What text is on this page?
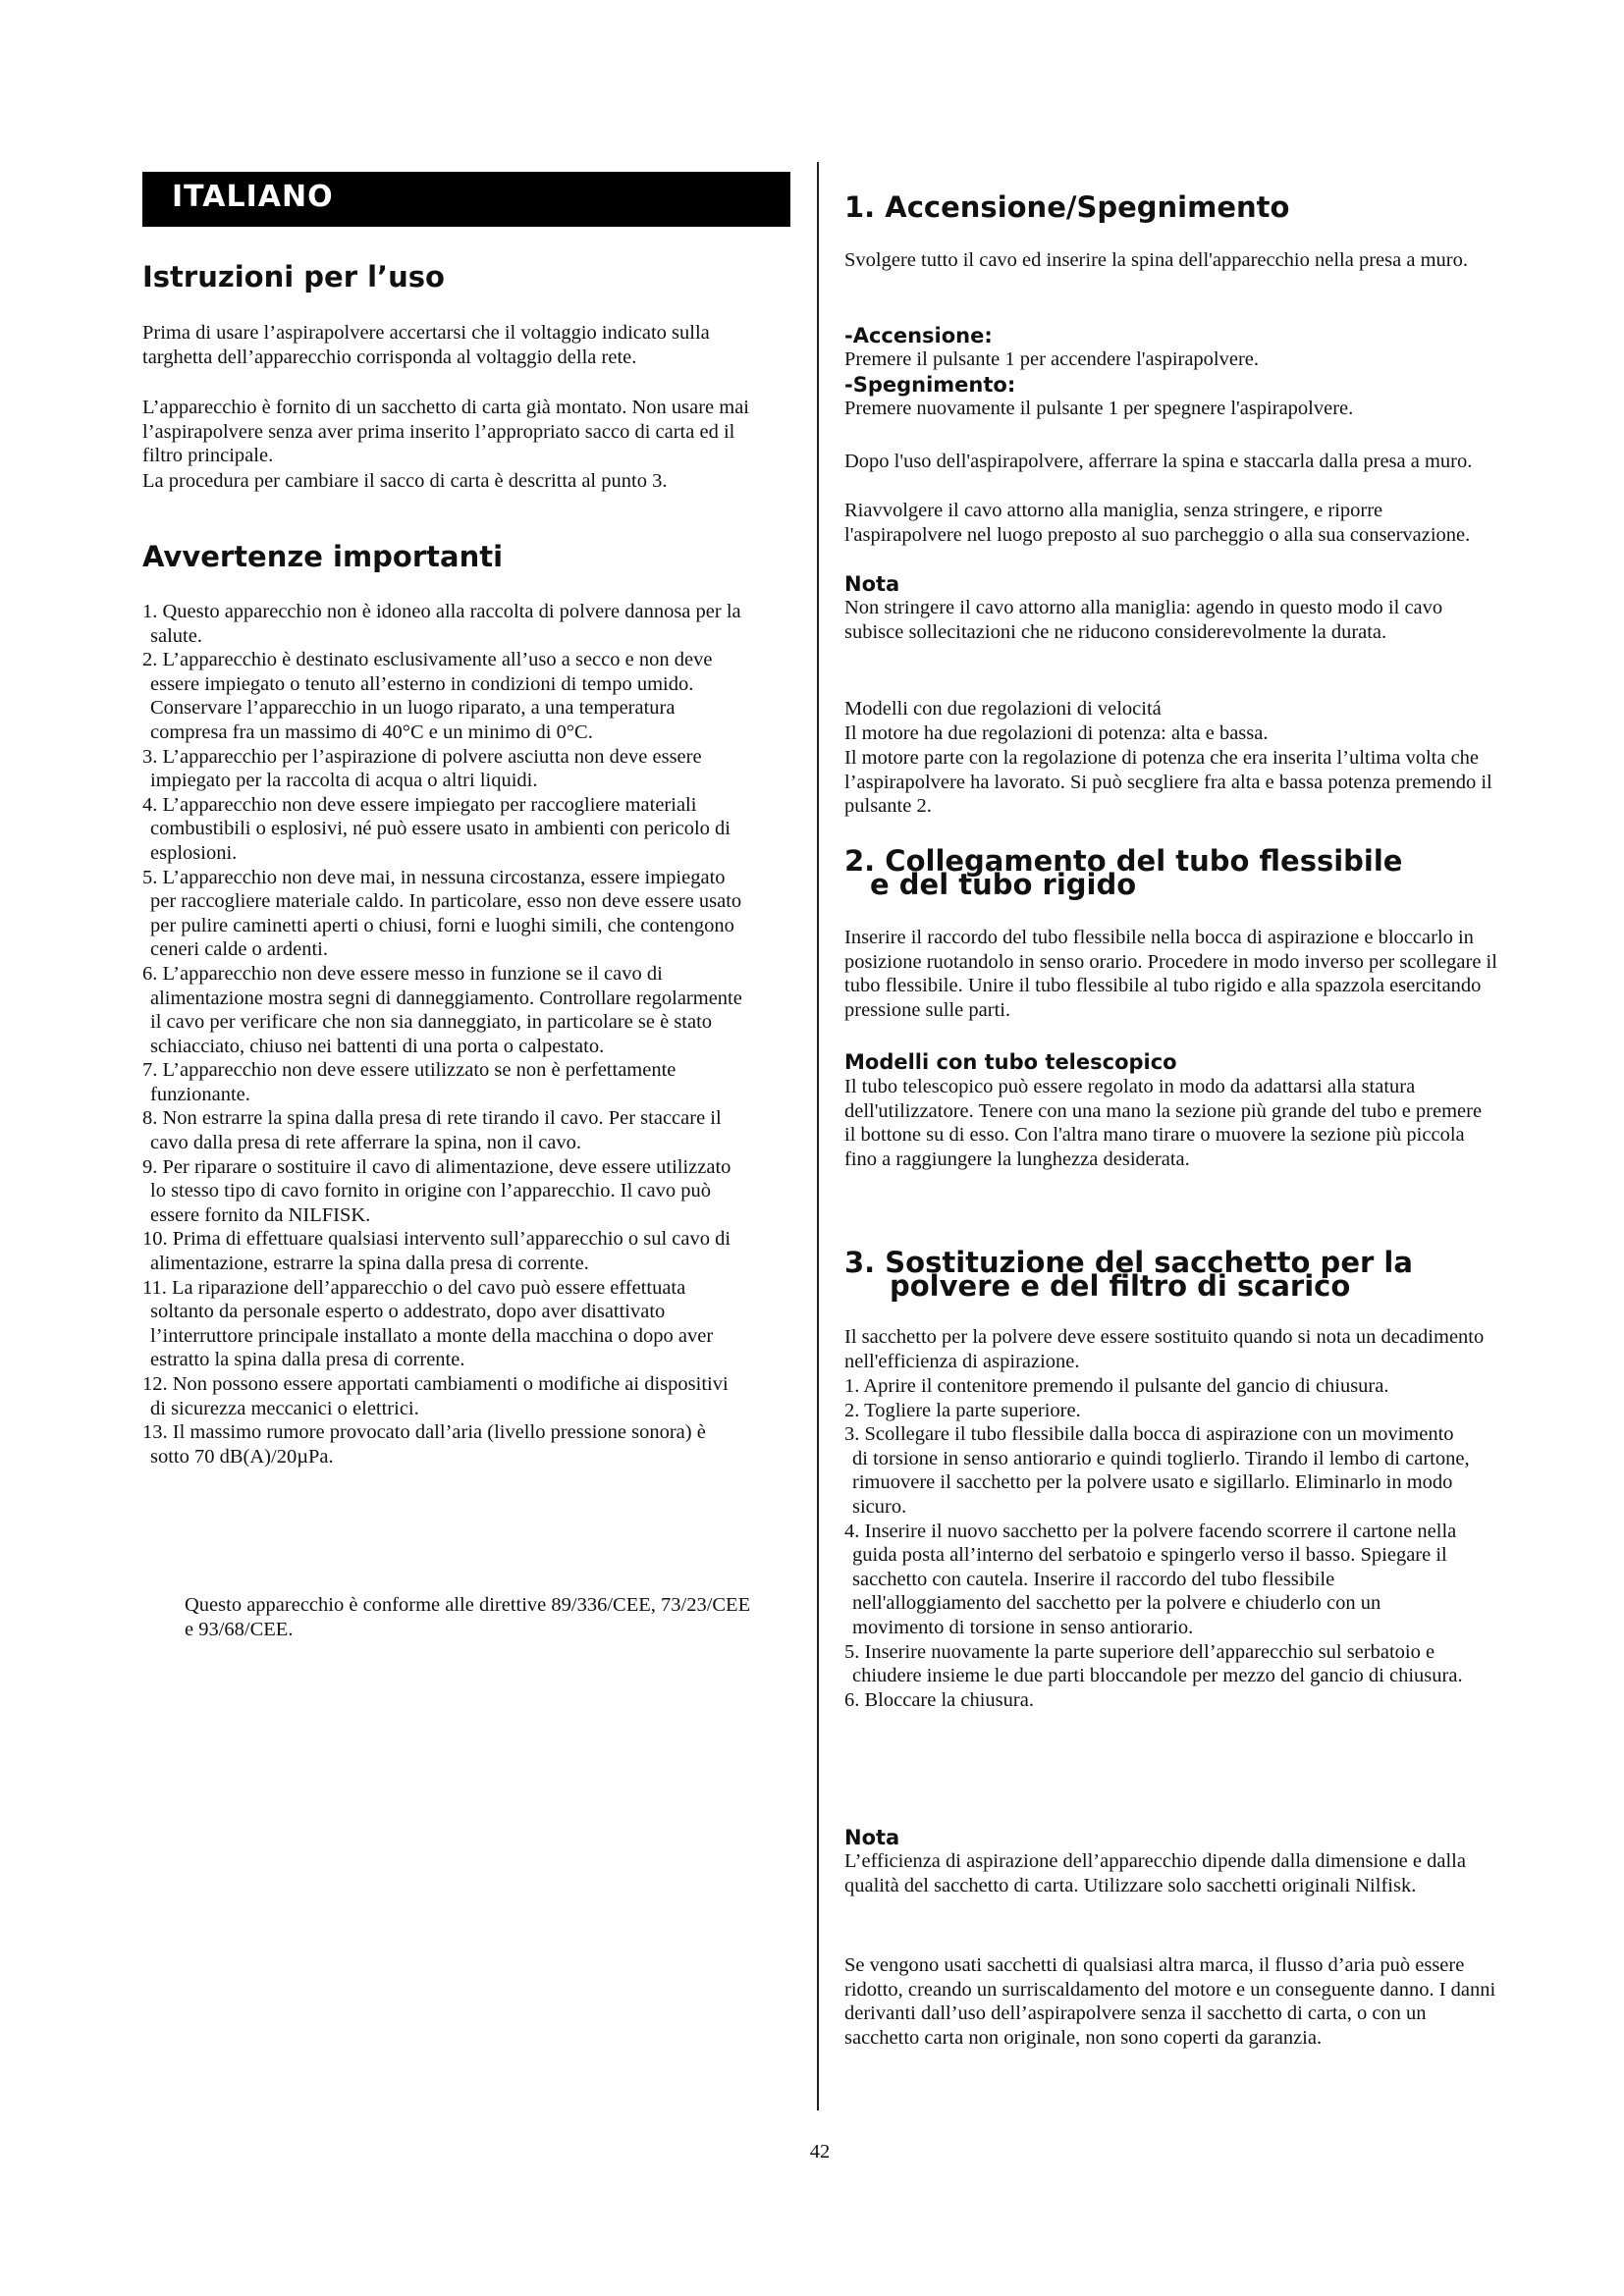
ITALIANO
Istruzioni per l’uso

Prima di usare l’aspirapolvere accertarsi che il voltaggio indicato sulla targhetta dell’apparecchio corrisponda al voltaggio della rete.

L’apparecchio è fornito di un sacchetto di carta già montato. Non usare mai l’aspirapolvere senza aver prima inserito l’appropriato sacco di carta ed il filtro principale.

La procedura per cambiare il sacco di carta è descritta al punto 3.

Avvertenze importanti
1. Questo apparecchio non è idoneo alla raccolta di polvere dannosa per la salute.
2. L’apparecchio è destinato esclusivamente all’uso a secco e non deve essere impiegato o tenuto all’esterno in condizioni di tempo umido. Conservare l’apparecchio in un luogo riparato, a una temperatura compresa fra un massimo di 40°C e un minimo di 0°C.
3. L’apparecchio per l’aspirazione di polvere asciutta non deve essere impiegato per la raccolta di acqua o altri liquidi.
4. L’apparecchio non deve essere impiegato per raccogliere materiali combustibili o esplosivi, né può essere usato in ambienti con pericolo di esplosioni.
5. L’apparecchio non deve mai, in nessuna circostanza, essere impiegato per raccogliere materiale caldo. In particolare, esso non deve essere usato per pulire caminetti aperti o chiusi, forni e luoghi simili, che contengono ceneri calde o ardenti.
6. L’apparecchio non deve essere messo in funzione se il cavo di alimentazione mostra segni di danneggiamento. Controllare regolarmente il cavo per verificare che non sia danneggiato, in particolare se è stato schiacciato, chiuso nei battenti di una porta o calpestato.
7. L’apparecchio non deve essere utilizzato se non è perfettamente funzionante.
8. Non estrarre la spina dalla presa di rete tirando il cavo. Per staccare il cavo dalla presa di rete afferrare la spina, non il cavo.
9. Per riparare o sostituire il cavo di alimentazione, deve essere utilizzato lo stesso tipo di cavo fornito in origine con l’apparecchio. Il cavo può essere fornito da NILFISK.
10. Prima di effettuare qualsiasi intervento sull’apparecchio o sul cavo di alimentazione, estrarre la spina dalla presa di corrente.
11. La riparazione dell’apparecchio o del cavo può essere effettuata soltanto da personale esperto o addestrato, dopo aver disattivato l’interruttore principale installato a monte della macchina o dopo aver estratto la spina dalla presa di corrente.
12. Non possono essere apportati cambiamenti o modifiche ai dispositivi di sicurezza meccanici o elettrici.
13. Il massimo rumore provocato dall’aria (livello pressione sonora) è sotto 70 dB(A)/20µPa.

Questo apparecchio è conforme alle direttive 89/336/CEE, 73/23/CEE e 93/68/CEE.

1. Accensione/Spegnimento

Svolgere tutto il cavo ed inserire la spina dell'apparecchio nella presa a muro.

-Accensione:

Premere il pulsante 1 per accendere l'aspirapolvere.

-Spegnimento:

Premere nuovamente il pulsante 1 per spegnere l'aspirapolvere.

Dopo l'uso dell'aspirapolvere, afferrare la spina e staccarla dalla presa a muro.

Riavvolgere il cavo attorno alla maniglia, senza stringere, e riporre l'aspirapolvere nel luogo preposto al suo parcheggio o alla sua conservazione.

Nota

Non stringere il cavo attorno alla maniglia: agendo in questo modo il cavo subisce sollecitazioni che ne riducono considerevolmente la durata.

Modelli con due regolazioni di velocitá

Il motore ha due regolazioni di potenza: alta e bassa.

Il motore parte con la regolazione di potenza che era inserita l’ultima volta che l’aspirapolvere ha lavorato. Si può secgliere fra alta e bassa potenza premendo il pulsante 2.

2. Collegamento del tubo flessibile
e del tubo rigido

Inserire il raccordo del tubo flessibile nella bocca di aspirazione e bloccarlo in posizione ruotandolo in senso orario. Procedere in modo inverso per scollegare il tubo flessibile. Unire il tubo flessibile al tubo rigido e alla spazzola esercitando pressione sulle parti.

Modelli con tubo telescopico

Il tubo telescopico può essere regolato in modo da adattarsi alla statura dell'utilizzatore. Tenere con una mano la sezione più grande del tubo e premere il bottone su di esso. Con l'altra mano tirare o muovere la sezione più piccola fino a raggiungere la lunghezza desiderata.

3. Sostituzione del sacchetto per la
polvere e del filtro di scarico

Il sacchetto per la polvere deve essere sostituito quando si nota un decadimento nell'efficienza di aspirazione.

1. Aprire il contenitore premendo il pulsante del gancio di chiusura.
2. Togliere la parte superiore.
3. Scollegare il tubo flessibile dalla bocca di aspirazione con un movimento di torsione in senso antiorario e quindi toglierlo. Tirando il lembo di cartone, rimuovere il sacchetto per la polvere usato e sigillarlo. Eliminarlo in modo sicuro.
4. Inserire il nuovo sacchetto per la polvere facendo scorrere il cartone nella guida posta all’interno del serbatoio e spingerlo verso il basso. Spiegare il sacchetto con cautela. Inserire il raccordo del tubo flessibile nell'alloggiamento del sacchetto per la polvere e chiuderlo con un movimento di torsione in senso antiorario.
5. Inserire nuovamente la parte superiore dell’apparecchio sul serbatoio e chiudere insieme le due parti bloccandole per mezzo del gancio di chiusura.
6. Bloccare la chiusura.
Nota

L’efficienza di aspirazione dell’apparecchio dipende dalla dimensione e dalla qualità del sacchetto di carta. Utilizzare solo sacchetti originali Nilfisk.

Se vengono usati sacchetti di qualsiasi altra marca, il flusso d’aria può essere ridotto, creando un surriscaldamento del motore e un conseguente danno. I danni derivanti dall’uso dell’aspirapolvere senza il sacchetto di carta, o con un sacchetto carta non originale, non sono coperti da garanzia.

42
